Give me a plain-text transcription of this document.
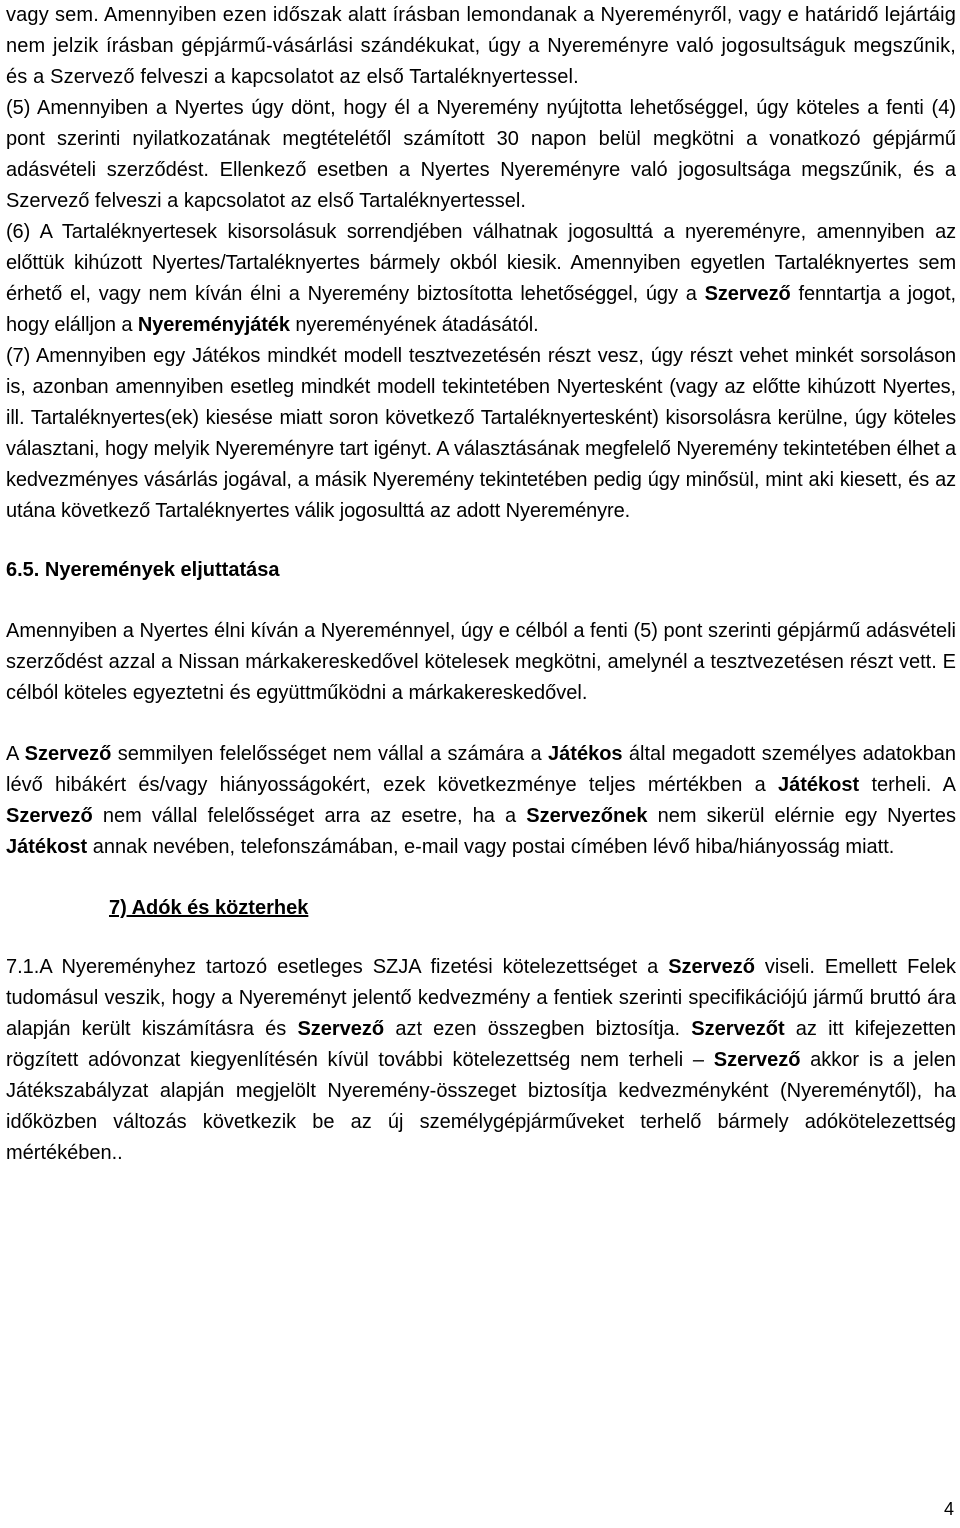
vagy sem. Amennyiben ezen időszak alatt írásban lemondanak a Nyereményről, vagy e határidő lejártáig nem jelzik írásban gépjármű-vásárlási szándékukat, úgy a Nyereményre való jogosultságuk megszűnik, és a Szervező felveszi a kapcsolatot az első Tartaléknyertessel.

(5) Amennyiben a Nyertes úgy dönt, hogy él a Nyeremény nyújtotta lehetőséggel, úgy köteles a fenti (4) pont szerinti nyilatkozatának megtételétől számított 30 napon belül megkötni a vonatkozó gépjármű adásvételi szerződést. Ellenkező esetben a Nyertes Nyereményre való jogosultsága megszűnik, és a Szervező felveszi a kapcsolatot az első Tartaléknyertessel.

(6) A Tartaléknyertesek kisorsolásuk sorrendjében válhatnak jogosulttá a nyereményre, amennyiben az előttük kihúzott Nyertes/Tartaléknyertes bármely okból kiesik. Amennyiben egyetlen Tartaléknyertes sem érhető el, vagy nem kíván élni a Nyeremény biztosította lehetőséggel, úgy a Szervező fenntartja a jogot, hogy elálljon a Nyereményjáték nyereményének átadásától.

(7) Amennyiben egy Játékos mindkét modell tesztvezetésén részt vesz, úgy részt vehet minkét sorsoláson is, azonban amennyiben esetleg mindkét modell tekintetében Nyertesként (vagy az előtte kihúzott Nyertes, ill. Tartaléknyertes(ek) kiesése miatt soron következő Tartaléknyertesként) kisorsolásra kerülne, úgy köteles választani, hogy melyik Nyereményre tart igényt. A választásának megfelelő Nyeremény tekintetében élhet a kedvezményes vásárlás jogával, a másik Nyeremény tekintetében pedig úgy minősül, mint aki kiesett, és az utána következő Tartaléknyertes válik jogosulttá az adott Nyereményre.

6.5. Nyeremények eljuttatása

Amennyiben a Nyertes élni kíván a Nyereménnyel, úgy e célból a fenti (5) pont szerinti gépjármű adásvételi szerződést azzal a Nissan márkakereskedővel kötelesek megkötni, amelynél a tesztvezetésen részt vett. E célból köteles egyeztetni és együttműködni a márkakereskedővel.

A Szervező semmilyen felelősséget nem vállal a számára a Játékos által megadott személyes adatokban lévő hibákért és/vagy hiányosságokért, ezek következménye teljes mértékben a Játékost terheli. A Szervező nem vállal felelősséget arra az esetre, ha a Szervezőnek nem sikerül elérnie egy Nyertes Játékost annak nevében, telefonszámában, e-mail vagy postai címében lévő hiba/hiányosság miatt.

7) Adók és közterhek

7.1.A Nyereményhez tartozó esetleges SZJA fizetési kötelezettséget a Szervező viseli. Emellett Felek tudomásul veszik, hogy a Nyereményt jelentő kedvezmény a fentiek szerinti specifikációjú jármű bruttó ára alapján került kiszámításra és Szervező azt ezen összegben biztosítja. Szervezőt az itt kifejezetten rögzített adóvonzat kiegyenlítésén kívül további kötelezettség nem terheli – Szervező akkor is a jelen Játékszabályzat alapján megjelölt Nyeremény-összeget biztosítja kedvezményként (Nyereménytől), ha időközben változás következik be az új személygépjárműveket terhelő bármely adókötelezettség mértékében..

4
